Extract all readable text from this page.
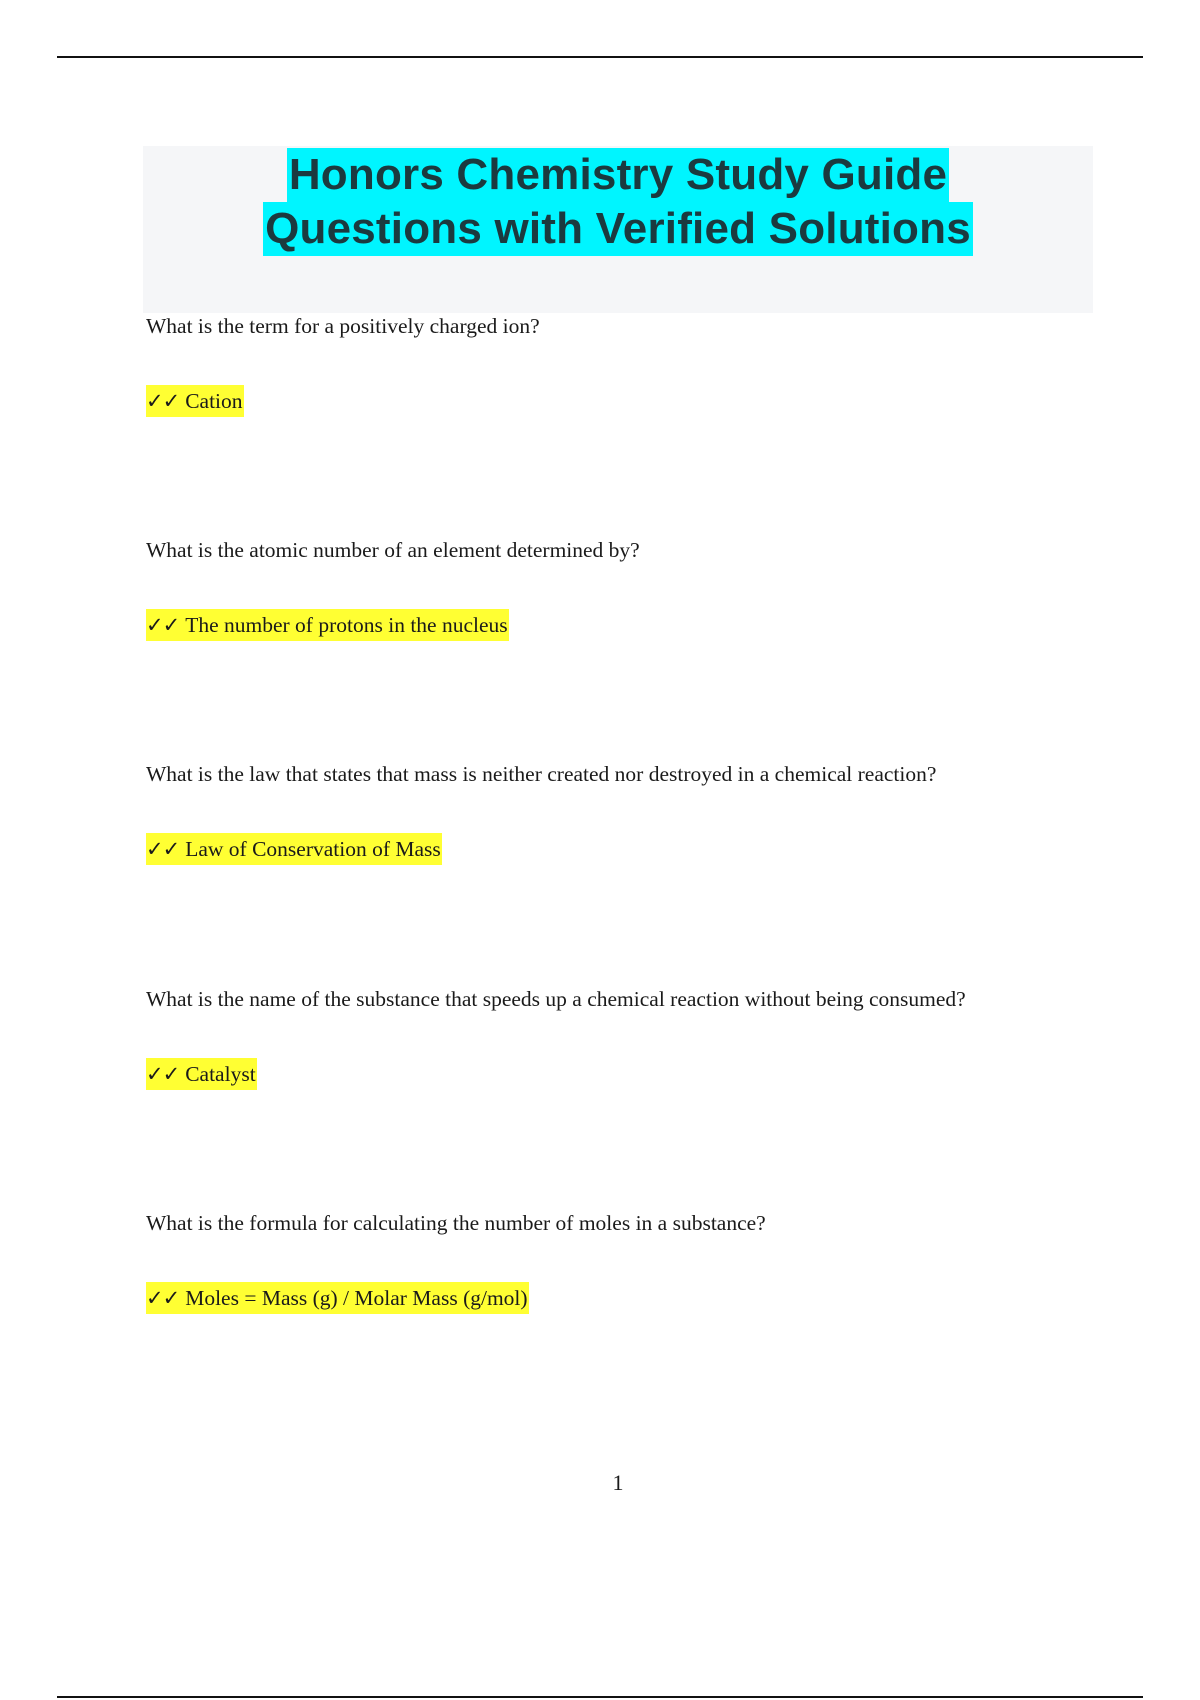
Honors Chemistry Study Guide
Questions with Verified Solutions

What is the term for a positively charged ion?

✓✓ Cation

What is the atomic number of an element determined by?

✓✓ The number of protons in the nucleus

What is the law that states that mass is neither created nor destroyed in a chemical reaction?

✓✓ Law of Conservation of Mass

What is the name of the substance that speeds up a chemical reaction without being consumed?

✓✓ Catalyst

What is the formula for calculating the number of moles in a substance?

✓✓ Moles = Mass (g) / Molar Mass (g/mol)
1
